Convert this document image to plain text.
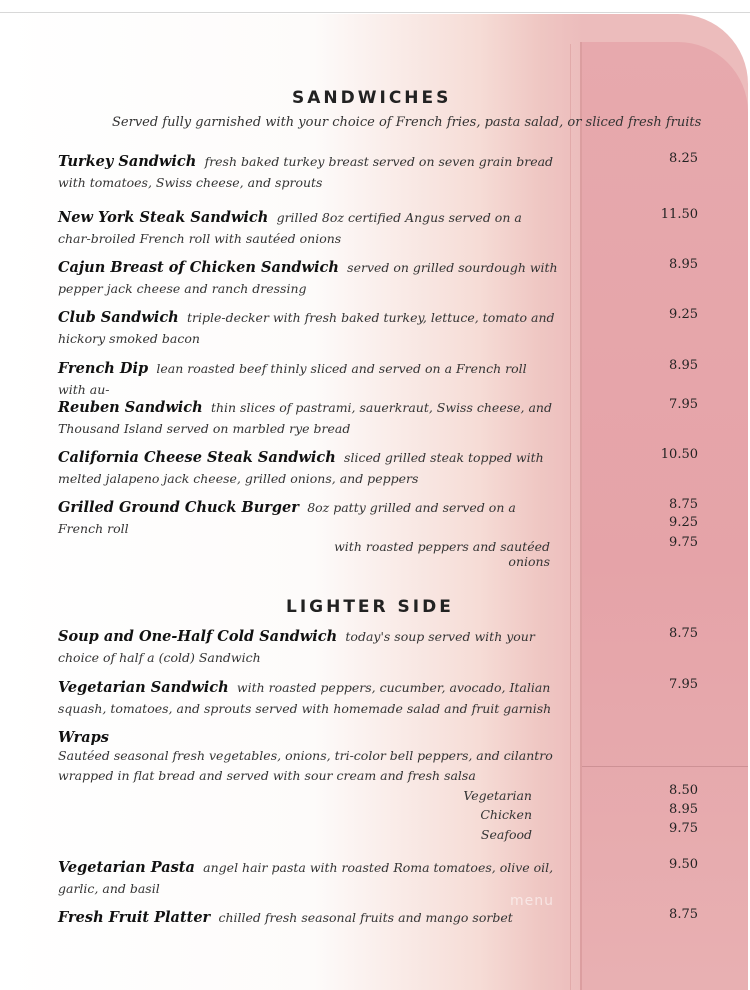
SANDWICHES
Served fully garnished with your choice of French fries, pasta salad, or sliced fresh fruits
Turkey Sandwich fresh baked turkey breast served on seven grain bread with tomatoes, Swiss cheese, and sprouts
8.25
New York Steak Sandwich grilled 8oz certified Angus served on a char-broiled French roll with sautéed onions
11.50
Cajun Breast of Chicken Sandwich served on grilled sourdough with pepper jack cheese and ranch dressing
8.95
Club Sandwich triple-decker with fresh baked turkey, lettuce, tomato and hickory smoked bacon
9.25
French Dip lean roasted beef thinly sliced and served on a French roll with au-
8.95
Reuben Sandwich thin slices of pastrami, sauerkraut, Swiss cheese, and Thousand Island served on marbled rye bread
7.95
California Cheese Steak Sandwich sliced grilled steak topped with melted jalapeno jack cheese, grilled onions, and peppers
10.50
Grilled Ground Chuck Burger 8oz patty grilled and served on a French roll
8.75
9.25
with roasted peppers and sautéed onions
9.75
LIGHTER SIDE
Soup and One-Half Cold Sandwich today's soup served with your choice of half a (cold) Sandwich
8.75
Vegetarian Sandwich with roasted peppers, cucumber, avocado, Italian squash, tomatoes, and sprouts served with homemade salad and fruit garnish
7.95
Wraps
Sautéed seasonal fresh vegetables, onions, tri-color bell peppers, and cilantro wrapped in flat bread and served with sour cream and fresh salsa
Vegetarian	8.50
Chicken	8.95
Seafood	9.75
Vegetarian Pasta angel hair pasta with roasted Roma tomatoes, olive oil, garlic, and basil
9.50
Fresh Fruit Platter chilled fresh seasonal fruits and mango sorbet	8.75
menu
